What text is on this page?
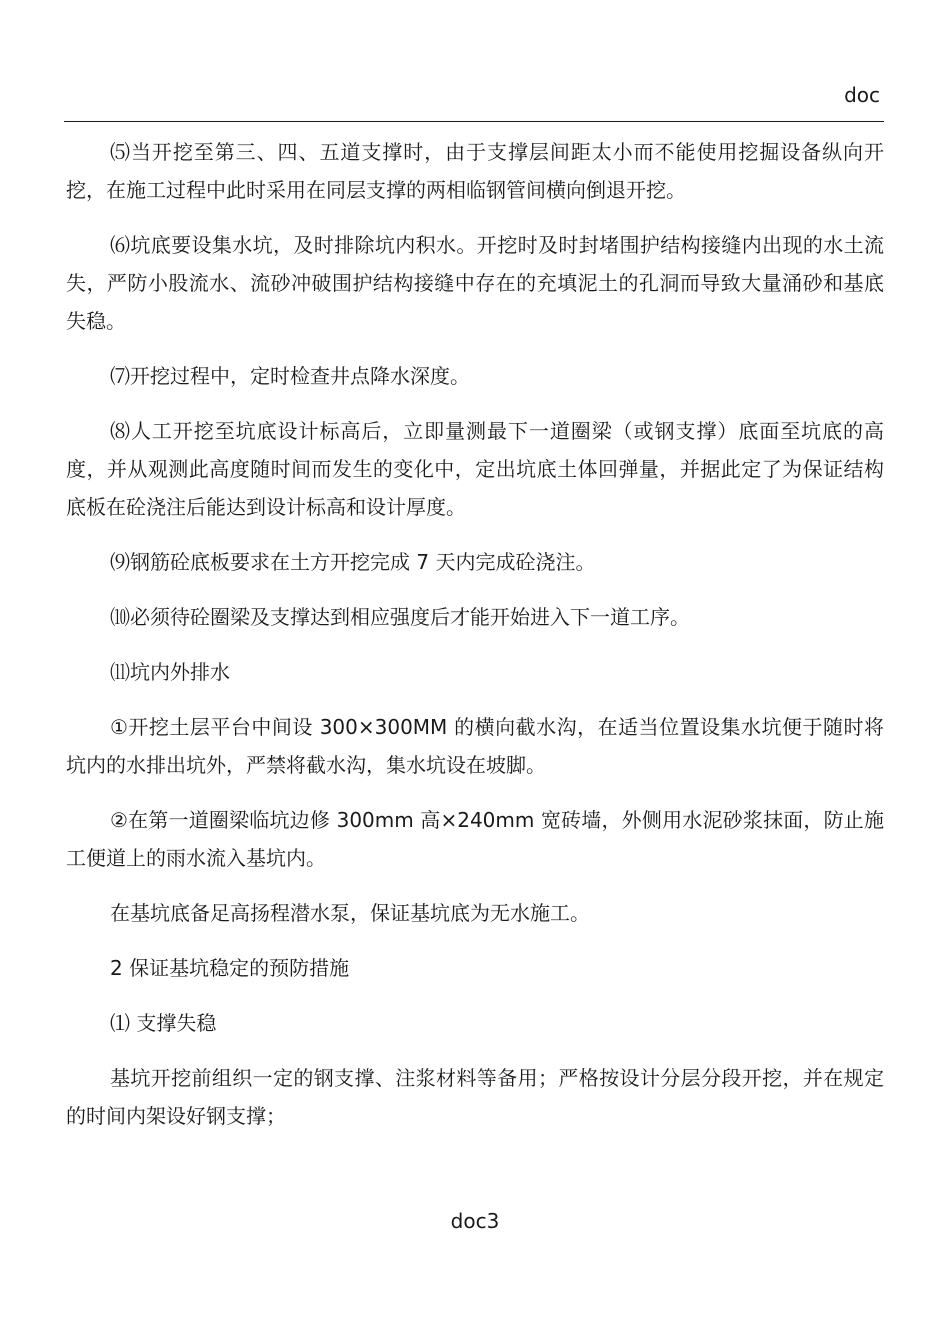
doc

⑸当开挖至第三、四、五道支撑时，由于支撑层间距太小而不能使用挖掘设备纵向开挖，在施工过程中此时采用在同层支撑的两相临钢管间横向倒退开挖。

⑹坑底要设集水坑，及时排除坑内积水。开挖时及时封堵围护结构接缝内出现的水土流失，严防小股流水、流砂冲破围护结构接缝中存在的充填泥土的孔洞而导致大量涌砂和基底失稳。

⑺开挖过程中，定时检查井点降水深度。

⑻人工开挖至坑底设计标高后，立即量测最下一道圈梁（或钢支撑）底面至坑底的高度，并从观测此高度随时间而发生的变化中，定出坑底土体回弹量，并据此定了为保证结构底板在砼浇注后能达到设计标高和设计厚度。

⑼钢筋砼底板要求在土方开挖完成 7 天内完成砼浇注。

⑽必须待砼圈梁及支撑达到相应强度后才能开始进入下一道工序。

⑾坑内外排水

①开挖土层平台中间设 300×300MM 的横向截水沟，在适当位置设集水坑便于随时将坑内的水排出坑外，严禁将截水沟，集水坑设在坡脚。

②在第一道圈梁临坑边修 300mm 高×240mm 宽砖墙，外侧用水泥砂浆抹面，防止施工便道上的雨水流入基坑内。

在基坑底备足高扬程潜水泵，保证基坑底为无水施工。

2 保证基坑稳定的预防措施

⑴ 支撑失稳

基坑开挖前组织一定的钢支撑、注浆材料等备用；严格按设计分层分段开挖，并在规定的时间内架设好钢支撑；

doc3
